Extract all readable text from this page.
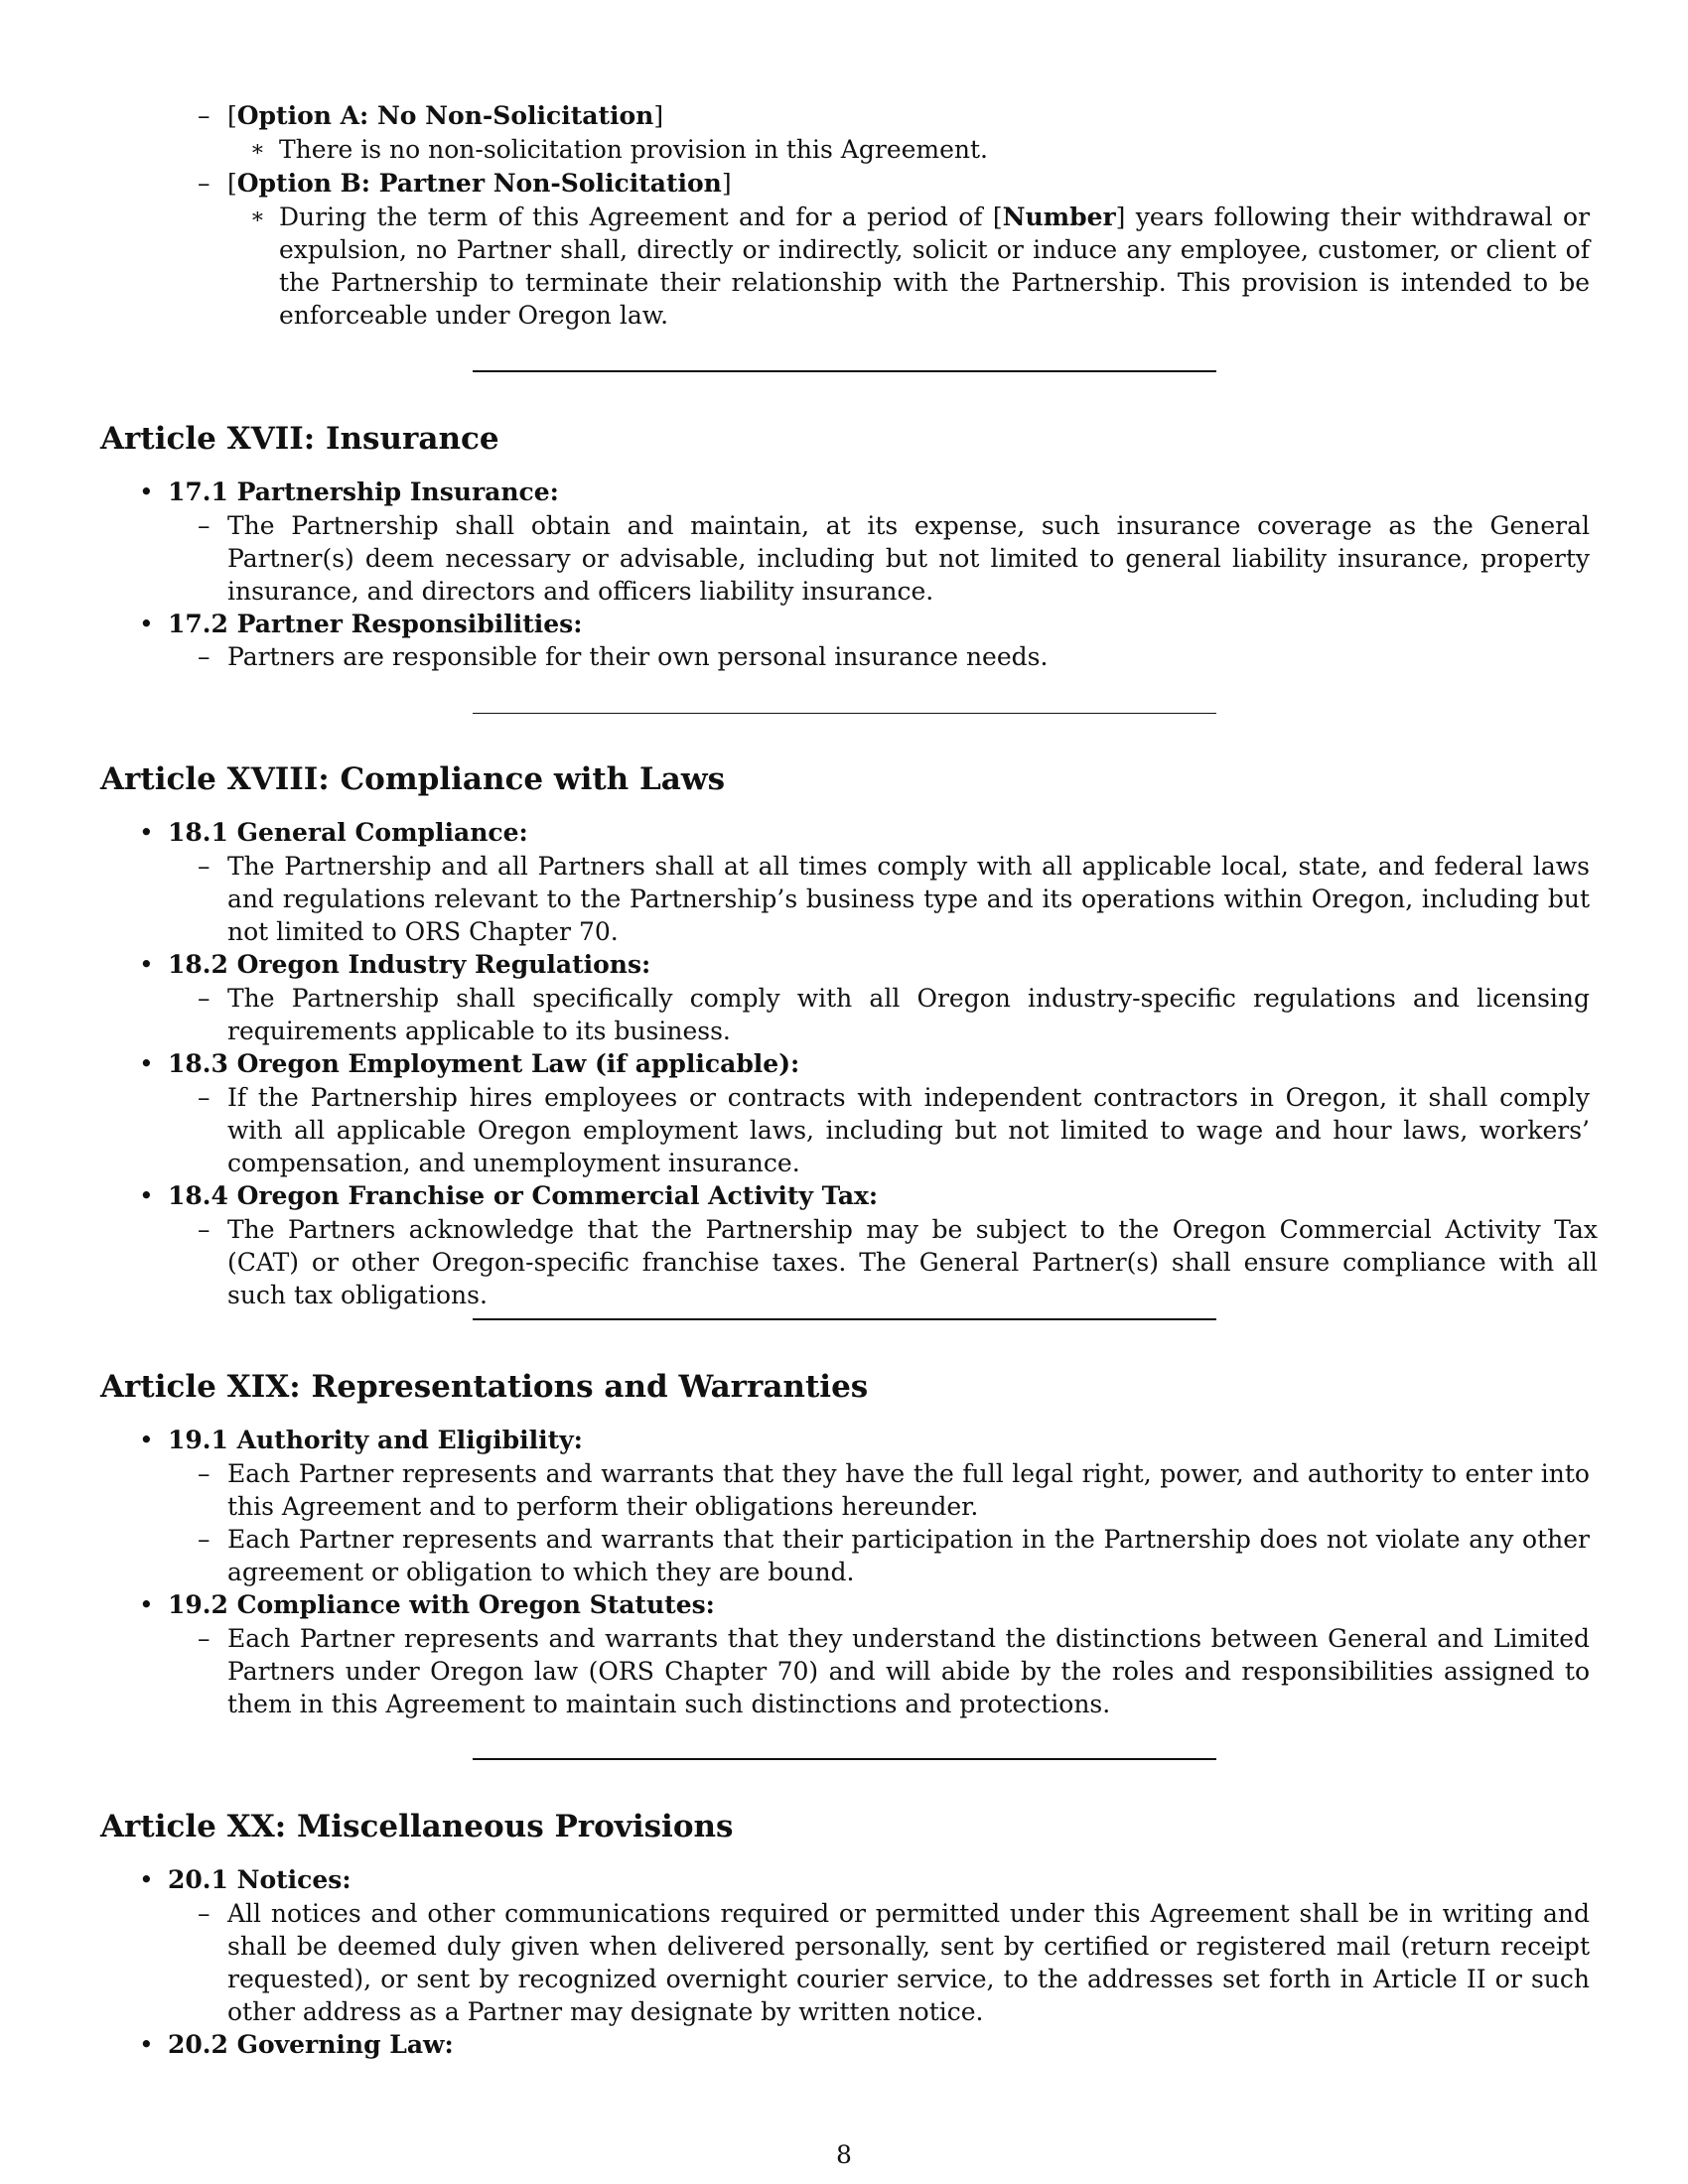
– [Option A: No Non-Solicitation]
∗ There is no non-solicitation provision in this Agreement.

– [Option B: Partner Non-Solicitation]
∗ During the term of this Agreement and for a period of [Number] years following their withdrawal or expulsion, no Partner shall, directly or indirectly, solicit or induce any employee, customer, or client of the Partnership to terminate their relationship with the Partnership. This provision is intended to be enforceable under Oregon law.

Article XVII: Insurance
• 17.1 Partnership Insurance:
– The Partnership shall obtain and maintain, at its expense, such insurance coverage as the General Partner(s) deem necessary or advisable, including but not limited to general liability insurance, property insurance, and directors and officers liability insurance.

• 17.2 Partner Responsibilities:
– Partners are responsible for their own personal insurance needs.

Article XVIII: Compliance with Laws
• 18.1 General Compliance:
– The Partnership and all Partners shall at all times comply with all applicable local, state, and federal laws and regulations relevant to the Partnership’s business type and its operations within Oregon, including but not limited to ORS Chapter 70.

• 18.2 Oregon Industry Regulations:
– The Partnership shall specifically comply with all Oregon industry-specific regulations and licensing requirements applicable to its business.

• 18.3 Oregon Employment Law (if applicable):
– If the Partnership hires employees or contracts with independent contractors in Oregon, it shall comply with all applicable Oregon employment laws, including but not limited to wage and hour laws, workers’ compensation, and unemployment insurance.

• 18.4 Oregon Franchise or Commercial Activity Tax:
– The Partners acknowledge that the Partnership may be subject to the Oregon Commercial Activity Tax (CAT) or other Oregon-specific franchise taxes. The General Partner(s) shall ensure compliance with all such tax obligations.

Article XIX: Representations and Warranties
• 19.1 Authority and Eligibility:
– Each Partner represents and warrants that they have the full legal right, power, and authority to enter into this Agreement and to perform their obligations hereunder.

– Each Partner represents and warrants that their participation in the Partnership does not violate any other agreement or obligation to which they are bound.

• 19.2 Compliance with Oregon Statutes:
– Each Partner represents and warrants that they understand the distinctions between General and Limited Partners under Oregon law (ORS Chapter 70) and will abide by the roles and responsibilities assigned to them in this Agreement to maintain such distinctions and protections.

Article XX: Miscellaneous Provisions
• 20.1 Notices:
– All notices and other communications required or permitted under this Agreement shall be in writing and shall be deemed duly given when delivered personally, sent by certified or registered mail (return receipt requested), or sent by recognized overnight courier service, to the addresses set forth in Article II or such other address as a Partner may designate by written notice.

• 20.2 Governing Law:
8
